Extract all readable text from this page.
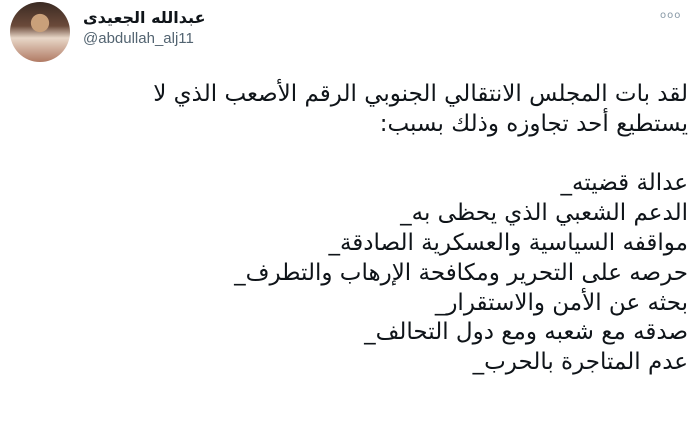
عبدالله الجعيدى
@abdullah_alj11
ooo
لقد بات المجلس الانتقالي الجنوبي الرقم الأصعب الذي لا
يستطيع أحد تجاوزه وذلك بسبب:
عدالة قضيته_
الدعم الشعبي الذي يحظى به_
مواقفه السياسية والعسكرية الصادقة_
حرصه على التحرير ومكافحة الإرهاب والتطرف_
بحثه عن الأمن والاستقرار_
صدقه مع شعبه ومع دول التحالف_
عدم المتاجرة بالحرب_
